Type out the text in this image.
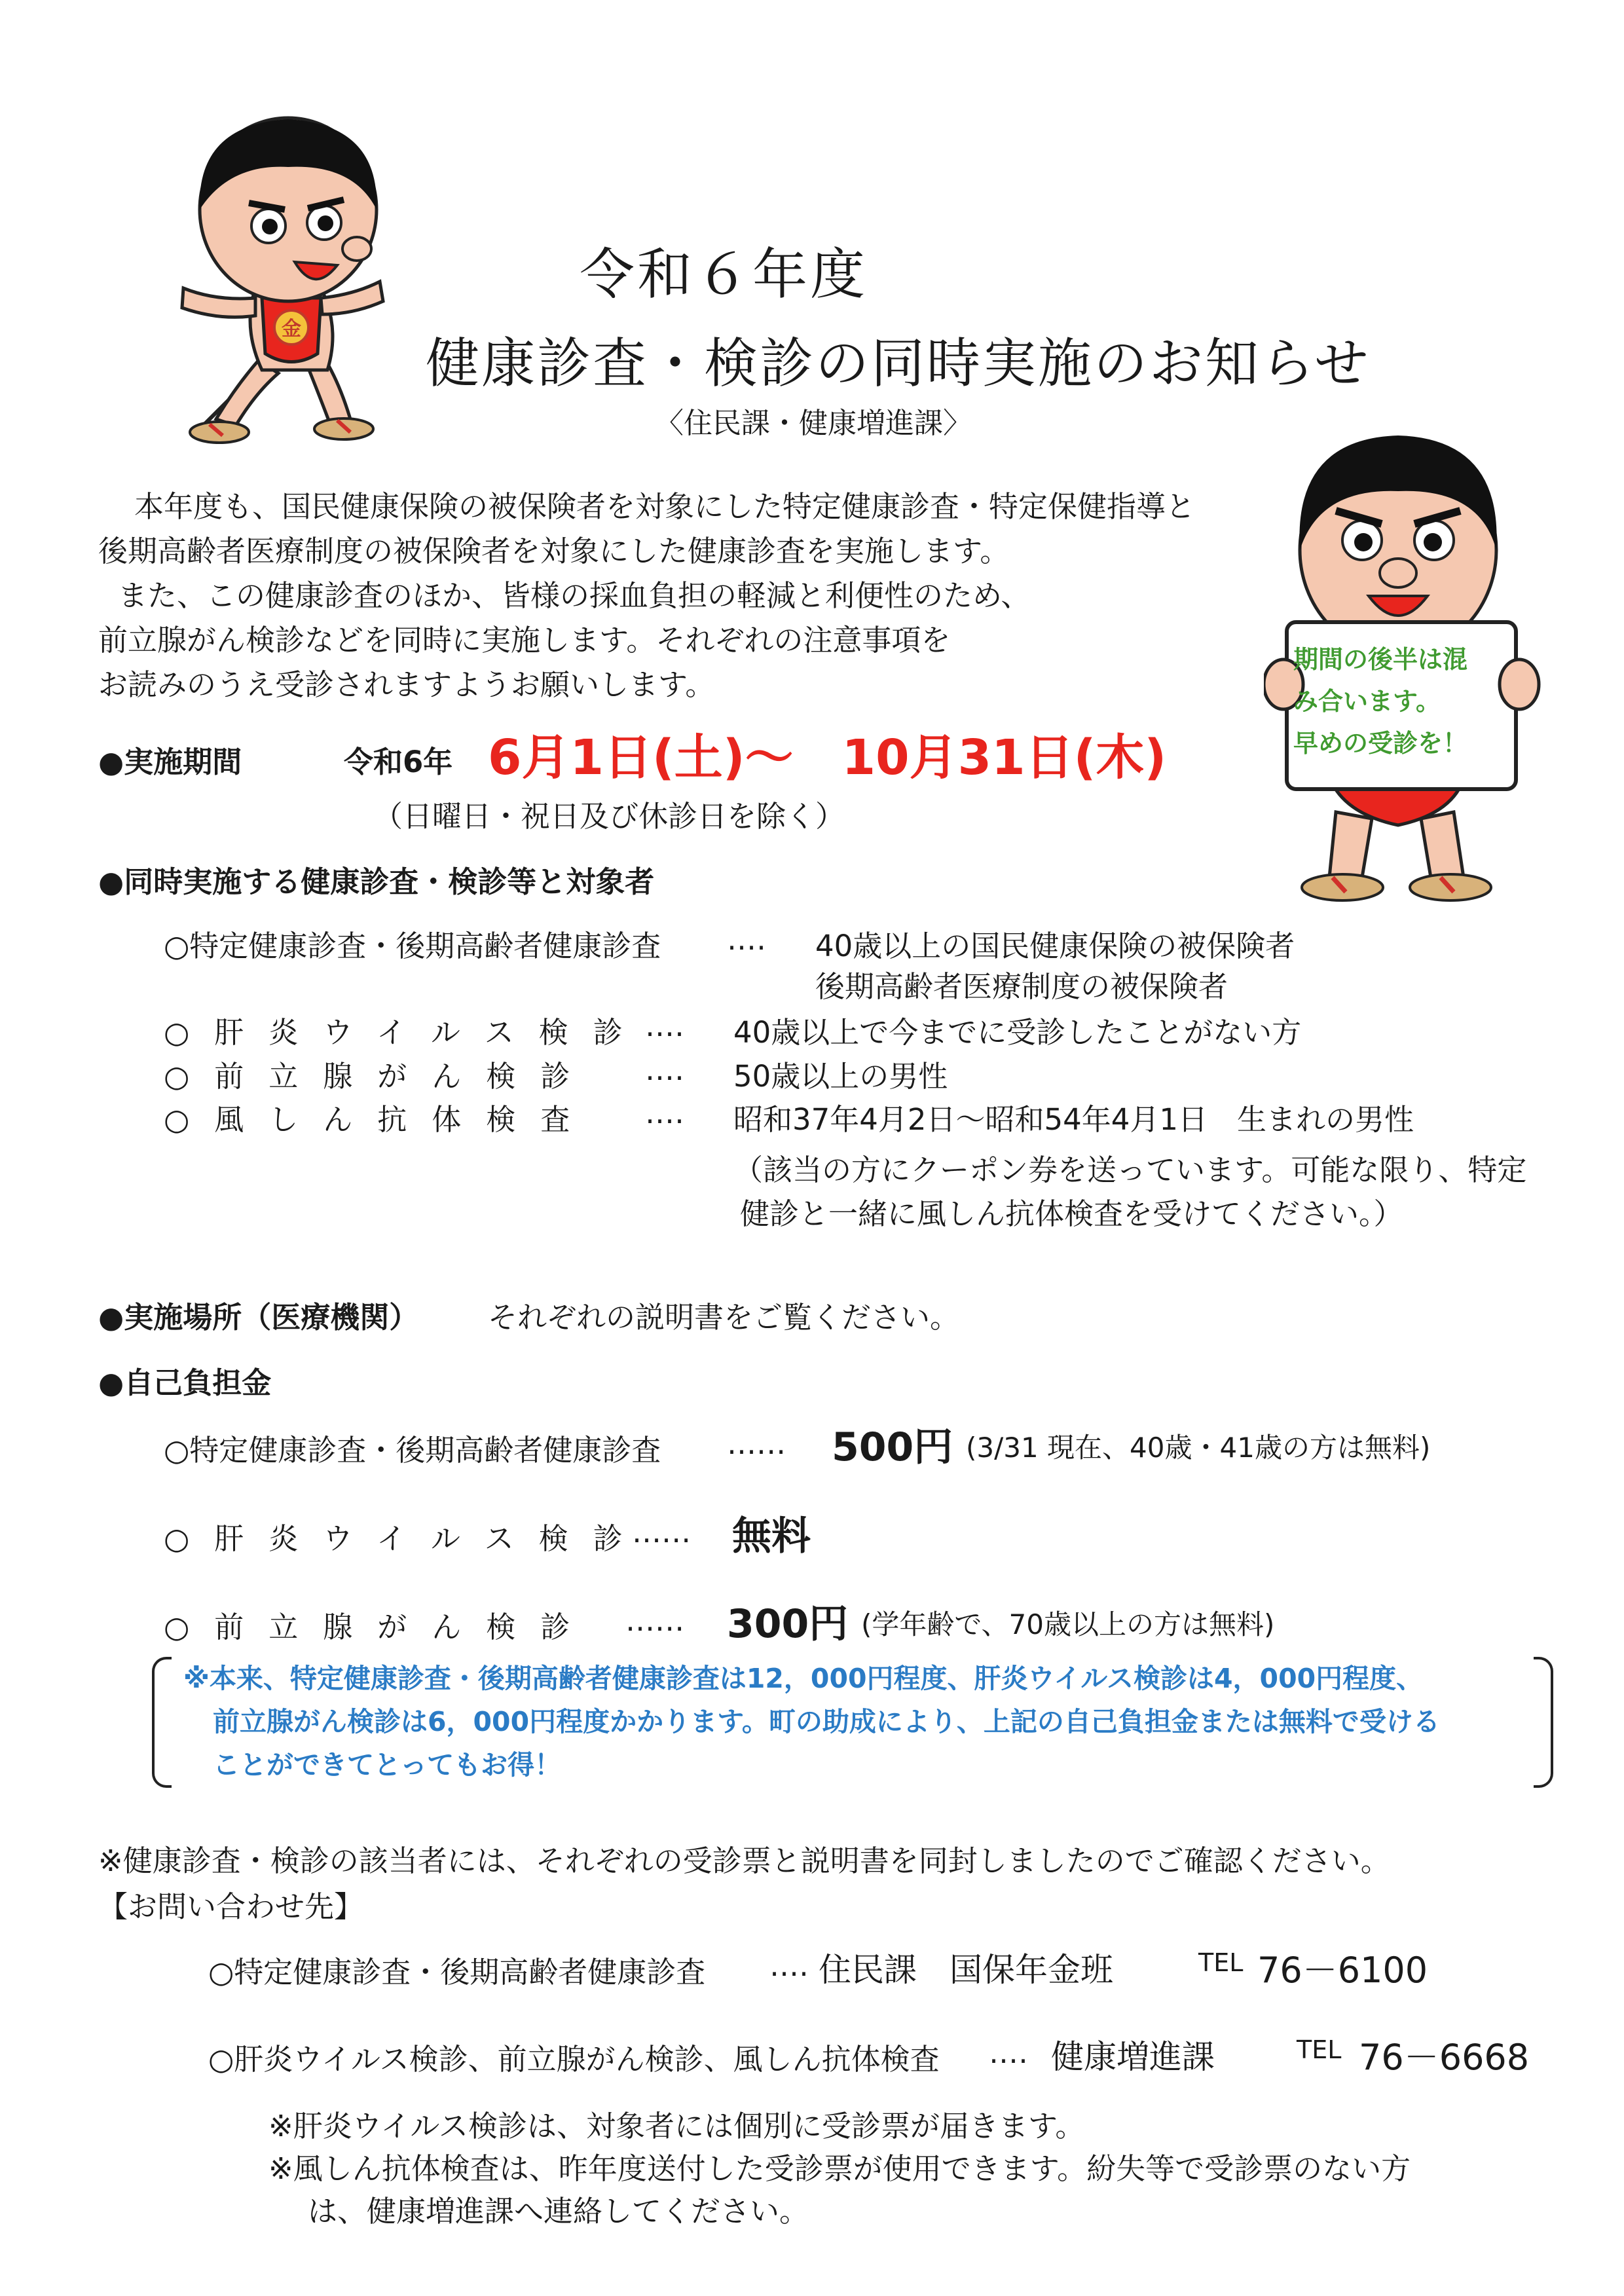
金
令和６年度
健康診査・検診の同時実施のお知らせ
〈住民課・健康増進課〉
本年度も、国民健康保険の被保険者を対象にした特定健康診査・特定保健指導と
後期高齢者医療制度の被保険者を対象にした健康診査を実施します。
また、この健康診査のほか、皆様の採血負担の軽減と利便性のため、
前立腺がん検診などを同時に実施します。それぞれの注意事項を
お読みのうえ受診されますようお願いします。
期間の後半は混
み合います。
早めの受診を！
●実施期間	令和6年 6月1日(土)～　10月31日(木)
（日曜日・祝日及び休診日を除く）
●同時実施する健康診査・検診等と対象者
○特定健康診査・後期高齢者健康診査 ‥‥ 40歳以上の国民健康保険の被保険者
後期高齢者医療制度の被保険者
○肝炎ウイルス検診
‥‥ 40歳以上で今までに受診したことがない方
○前立腺がん検診 ‥‥ 50歳以上の男性
○風しん抗体検査 ‥‥ 昭和37年4月2日～昭和54年4月1日　生まれの男性
（該当の方にクーポン券を送っています。可能な限り、特定
健診と一緒に風しん抗体検査を受けてください。）
●実施場所（医療機関） それぞれの説明書をご覧ください。
●自己負担金
○特定健康診査・後期高齢者健康診査 ‥‥‥ 500円 (3/31 現在、40歳・41歳の方は無料)
○肝炎ウイルス検診
‥‥‥ 無料
○前立腺がん検診 ‥‥‥ 300円 (学年齢で、70歳以上の方は無料)
※本来、特定健康診査・後期高齢者健康診査は12，000円程度、肝炎ウイルス検診は4，000円程度、
前立腺がん検診は6，000円程度かかります。町の助成により、上記の自己負担金または無料で受ける
ことができてとってもお得！
※健康診査・検診の該当者には、それぞれの受診票と説明書を同封しましたのでご確認ください。
【お問い合わせ先】
○特定健康診査・後期高齢者健康診査 ‥‥ 住民課　国保年金班	TEL 76－6100
○肝炎ウイルス検診、前立腺がん検診、風しん抗体検査 ‥‥ 健康増進課	TEL 76－6668
※肝炎ウイルス検診は、対象者には個別に受診票が届きます。
※風しん抗体検査は、昨年度送付した受診票が使用できます。紛失等で受診票のない方
は、健康増進課へ連絡してください。
